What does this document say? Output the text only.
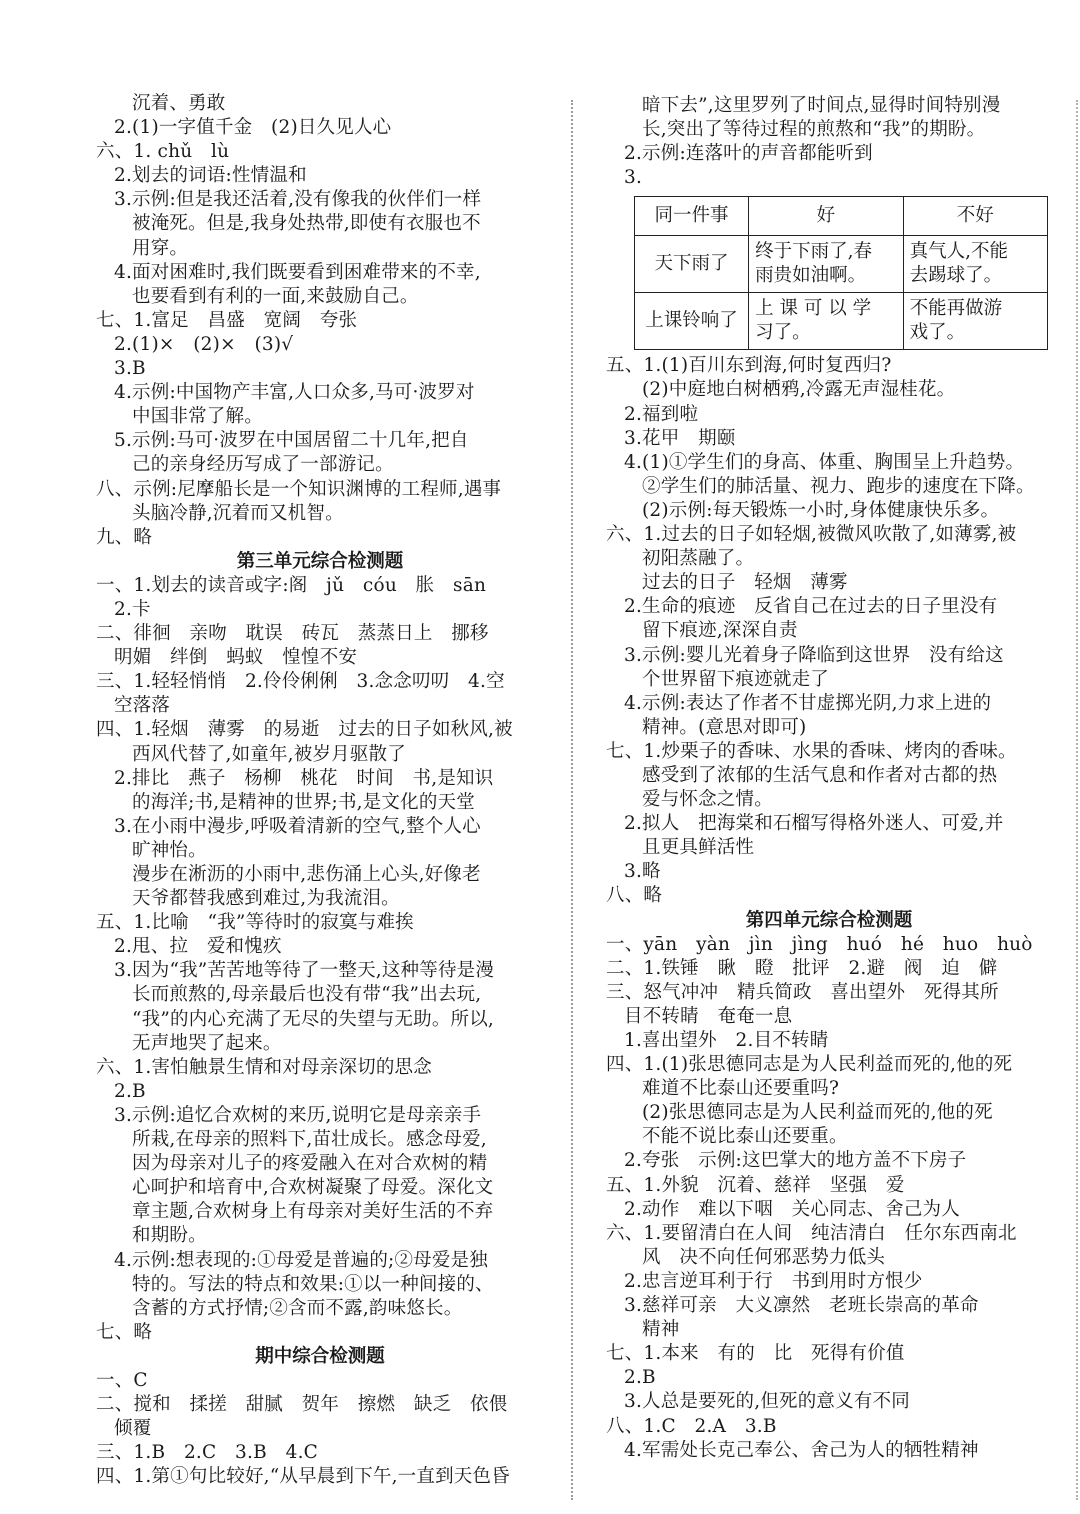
沉着、勇敢
2.(1)一字值千金　(2)日久见人心
六、1. chǔ　lù
2.划去的词语:性情温和
3.示例:但是我还活着,没有像我的伙伴们一样
被淹死。但是,我身处热带,即使有衣服也不
用穿。
4.面对困难时,我们既要看到困难带来的不幸,
也要看到有利的一面,来鼓励自己。
七、1.富足　昌盛　宽阔　夸张
2.(1)×　(2)×　(3)√
3.B
4.示例:中国物产丰富,人口众多,马可·波罗对
中国非常了解。
5.示例:马可·波罗在中国居留二十几年,把自
己的亲身经历写成了一部游记。
八、示例:尼摩船长是一个知识渊博的工程师,遇事
头脑冷静,沉着而又机智。
九、略
第三单元综合检测题
一、1.划去的读音或字:阁　jǔ　cóu　胀　sān
2.卡
二、徘徊　亲吻　耽误　砖瓦　蒸蒸日上　挪移
明媚　绊倒　蚂蚁　惶惶不安
三、1.轻轻悄悄　2.伶伶俐俐　3.念念叨叨　4.空
空落落
四、1.轻烟　薄雾　的易逝　过去的日子如秋风,被
西风代替了,如童年,被岁月驱散了
2.排比　燕子　杨柳　桃花　时间　书,是知识
的海洋;书,是精神的世界;书,是文化的天堂
3.在小雨中漫步,呼吸着清新的空气,整个人心
旷神怡。
漫步在淅沥的小雨中,悲伤涌上心头,好像老
天爷都替我感到难过,为我流泪。
五、1.比喻　“我”等待时的寂寞与难挨
2.甩、拉　爱和愧疚
3.因为“我”苦苦地等待了一整天,这种等待是漫
长而煎熬的,母亲最后也没有带“我”出去玩,
“我”的内心充满了无尽的失望与无助。所以,
无声地哭了起来。
六、1.害怕触景生情和对母亲深切的思念
2.B
3.示例:追忆合欢树的来历,说明它是母亲亲手
所栽,在母亲的照料下,苗壮成长。感念母爱,
因为母亲对儿子的疼爱融入在对合欢树的精
心呵护和培育中,合欢树凝聚了母爱。深化文
章主题,合欢树身上有母亲对美好生活的不弃
和期盼。
4.示例:想表现的:①母爱是普遍的;②母爱是独
特的。写法的特点和效果:①以一种间接的、
含蓄的方式抒情;②含而不露,韵味悠长。
七、略
期中综合检测题
一、C
二、搅和　揉搓　甜腻　贺年　擦燃　缺乏　依偎
倾覆
三、1.B　2.C　3.B　4.C
四、1.第①句比较好,“从早晨到下午,一直到天色昏
暗下去”,这里罗列了时间点,显得时间特别漫
长,突出了等待过程的煎熬和“我”的期盼。
2.示例:连落叶的声音都能听到
3.
同一件事	好	不好
天下雨了	终于下雨了,春
雨贵如油啊。	真气人,不能
去踢球了。

上课铃响了	上 课 可 以 学
习了。	不能再做游
戏了。
五、1.(1)百川东到海,何时复西归?
(2)中庭地白树栖鸦,冷露无声湿桂花。
2.福到啦
3.花甲　期颐
4.(1)①学生们的身高、体重、胸围呈上升趋势。
②学生们的肺活量、视力、跑步的速度在下降。
(2)示例:每天锻炼一小时,身体健康快乐多。
六、1.过去的日子如轻烟,被微风吹散了,如薄雾,被
初阳蒸融了。
过去的日子　轻烟　薄雾
2.生命的痕迹　反省自己在过去的日子里没有
留下痕迹,深深自责
3.示例:婴儿光着身子降临到这世界　没有给这
个世界留下痕迹就走了
4.示例:表达了作者不甘虚掷光阴,力求上进的
精神。(意思对即可)
七、1.炒栗子的香味、水果的香味、烤肉的香味。
感受到了浓郁的生活气息和作者对古都的热
爱与怀念之情。
2.拟人　把海棠和石榴写得格外迷人、可爱,并
且更具鲜活性
3.略
八、略
第四单元综合检测题
一、yān　yàn　jìn　jìng　huó　hé　huo　huò
二、1.铁锤　瞅　瞪　批评　2.避　阀　迫　僻
三、怒气冲冲　精兵简政　喜出望外　死得其所
目不转睛　奄奄一息
1.喜出望外　2.目不转睛
四、1.(1)张思德同志是为人民利益而死的,他的死
难道不比泰山还要重吗?
(2)张思德同志是为人民利益而死的,他的死
不能不说比泰山还要重。
2.夸张　示例:这巴掌大的地方盖不下房子
五、1.外貌　沉着、慈祥　坚强　爱
2.动作　难以下咽　关心同志、舍己为人
六、1.要留清白在人间　纯洁清白　任尔东西南北
风　决不向任何邪恶势力低头
2.忠言逆耳利于行　书到用时方恨少
3.慈祥可亲　大义凛然　老班长崇高的革命
精神
七、1.本来　有的　比　死得有价值
2.B
3.人总是要死的,但死的意义有不同
八、1.C　2.A　3.B
4.军需处长克己奉公、舍己为人的牺牲精神
